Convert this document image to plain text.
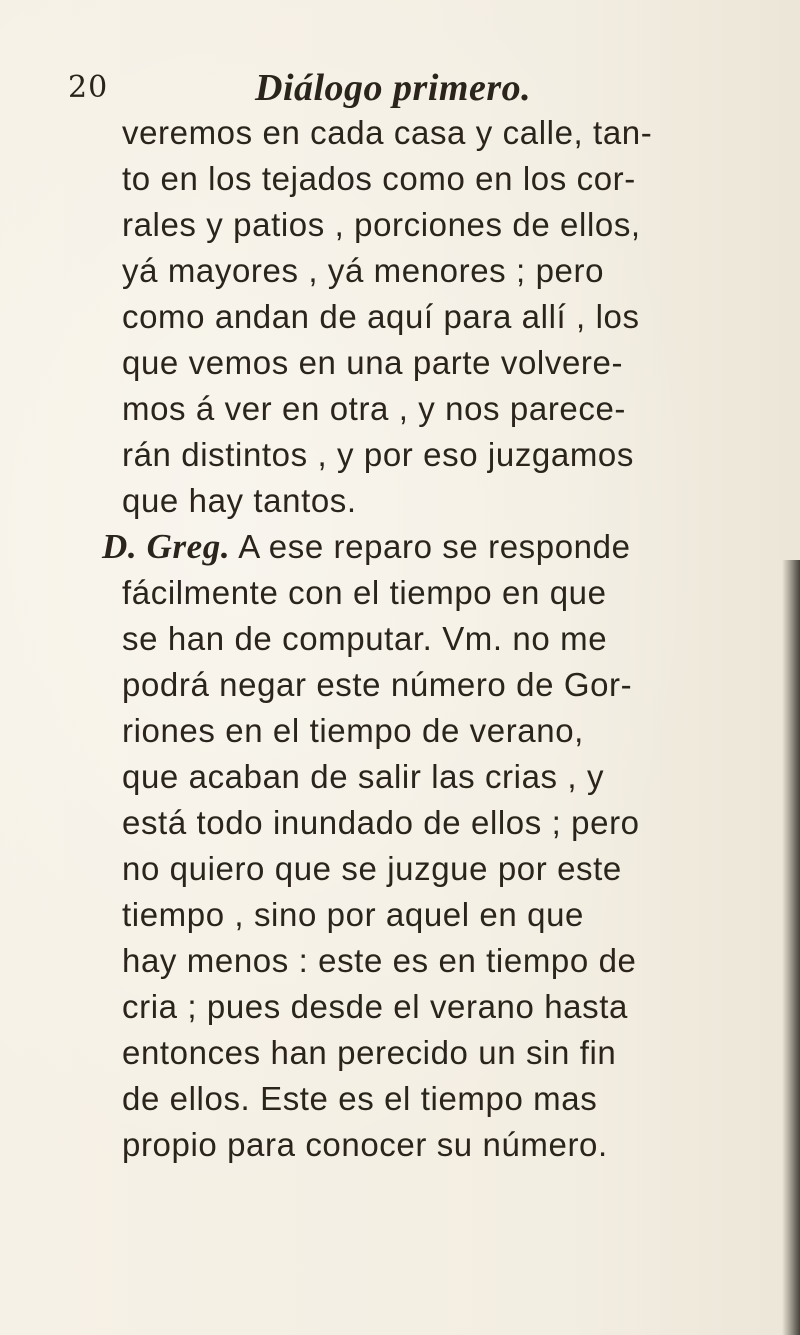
20	Diálogo primero.
veremos en cada casa y calle, tan-
to en los tejados como en los cor-
rales y patios , porciones de ellos,
yá mayores , yá menores ; pero
como andan de aquí para allí , los
que vemos en una parte volvere-
mos á ver en otra , y nos parece-
rán distintos , y por eso juzgamos
que hay tantos.
D. Greg. A ese reparo se responde
fácilmente con el tiempo en que
se han de computar. Vm. no me
podrá negar este número de Gor-
riones en el tiempo de verano,
que acaban de salir las crias , y
está todo inundado de ellos ; pero
no quiero que se juzgue por este
tiempo , sino por aquel en que
hay menos : este es en tiempo de
cria ; pues desde el verano hasta
entonces han perecido un sin fin
de ellos. Este es el tiempo mas
propio para conocer su número.
